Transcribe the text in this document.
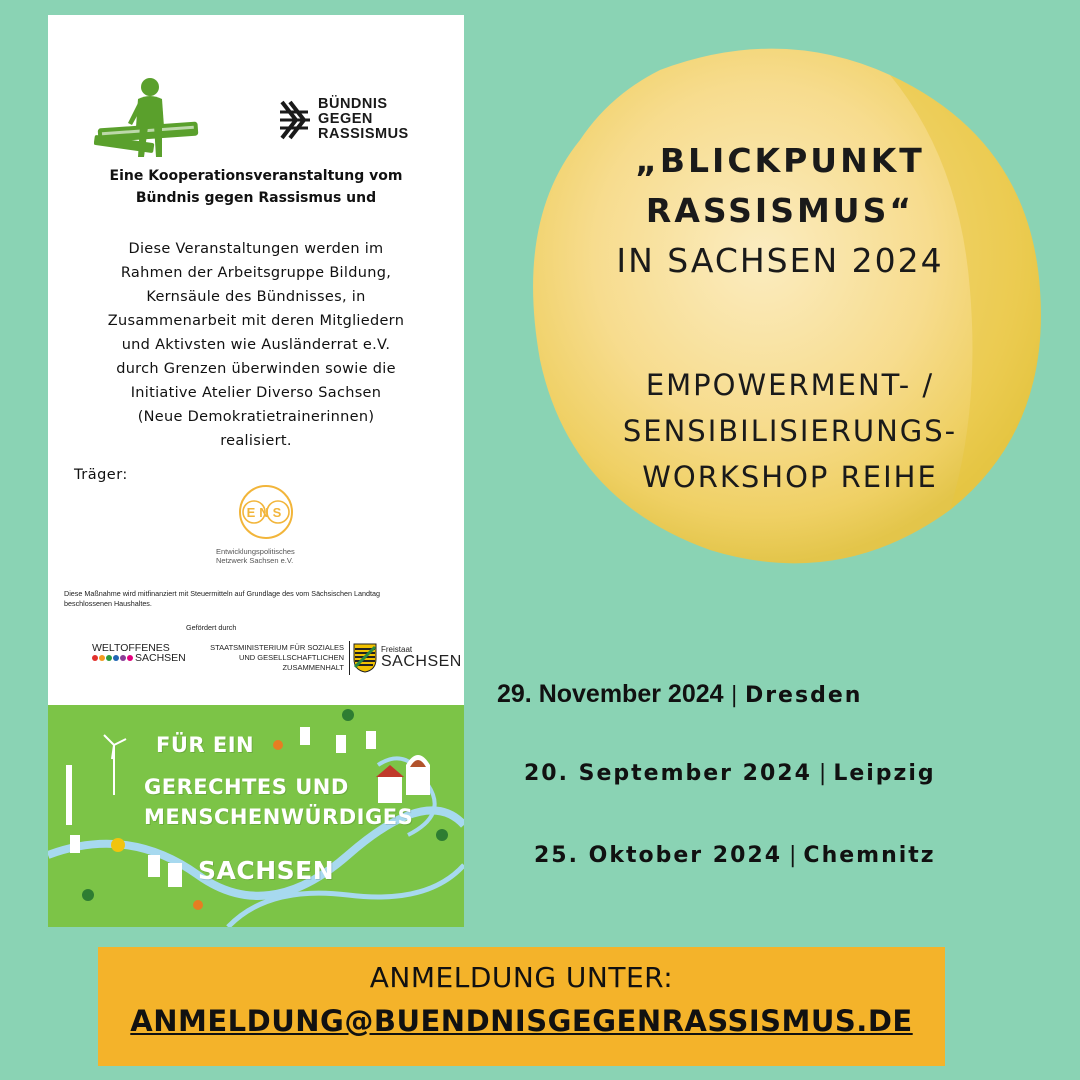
BÜNDNIS
GEGEN
RASSISMUS
Eine Kooperationsveranstaltung vom
Bündnis gegen Rassismus und
Diese Veranstaltungen werden im
Rahmen der Arbeitsgruppe Bildung,
Kernsäule des Bündnisses, in
Zusammenarbeit mit deren Mitgliedern
und Aktivsten wie Ausländerrat e.V.
durch Grenzen überwinden sowie die
Initiative Atelier Diverso Sachsen
(Neue Demokratietrainerinnen)
realisiert.
Träger:
ENS
Entwicklungspolitisches
Netzwerk Sachsen e.V.
Diese Maßnahme wird mitfinanziert mit Steuermitteln auf Grundlage des vom Sächsischen Landtag
beschlossenen Haushaltes.
Gefördert durch
WELTOFFENES
SACHSEN
STAATSMINISTERIUM FÜR SOZIALES
UND GESELLSCHAFTLICHEN
ZUSAMMENHALT
Freistaat
SACHSEN
FÜR EIN
GERECHTES UND
MENSCHENWÜRDIGES
SACHSEN
„BLICKPUNKT
RASSISMUS“
IN SACHSEN 2024
EMPOWERMENT- /
SENSIBILISIERUNGS-
WORKSHOP REIHE
29. November 2024 | Dresden
20. September 2024 | Leipzig
25. Oktober 2024 | Chemnitz
ANMELDUNG UNTER:
ANMELDUNG@BUENDNISGEGENRASSISMUS.DE
